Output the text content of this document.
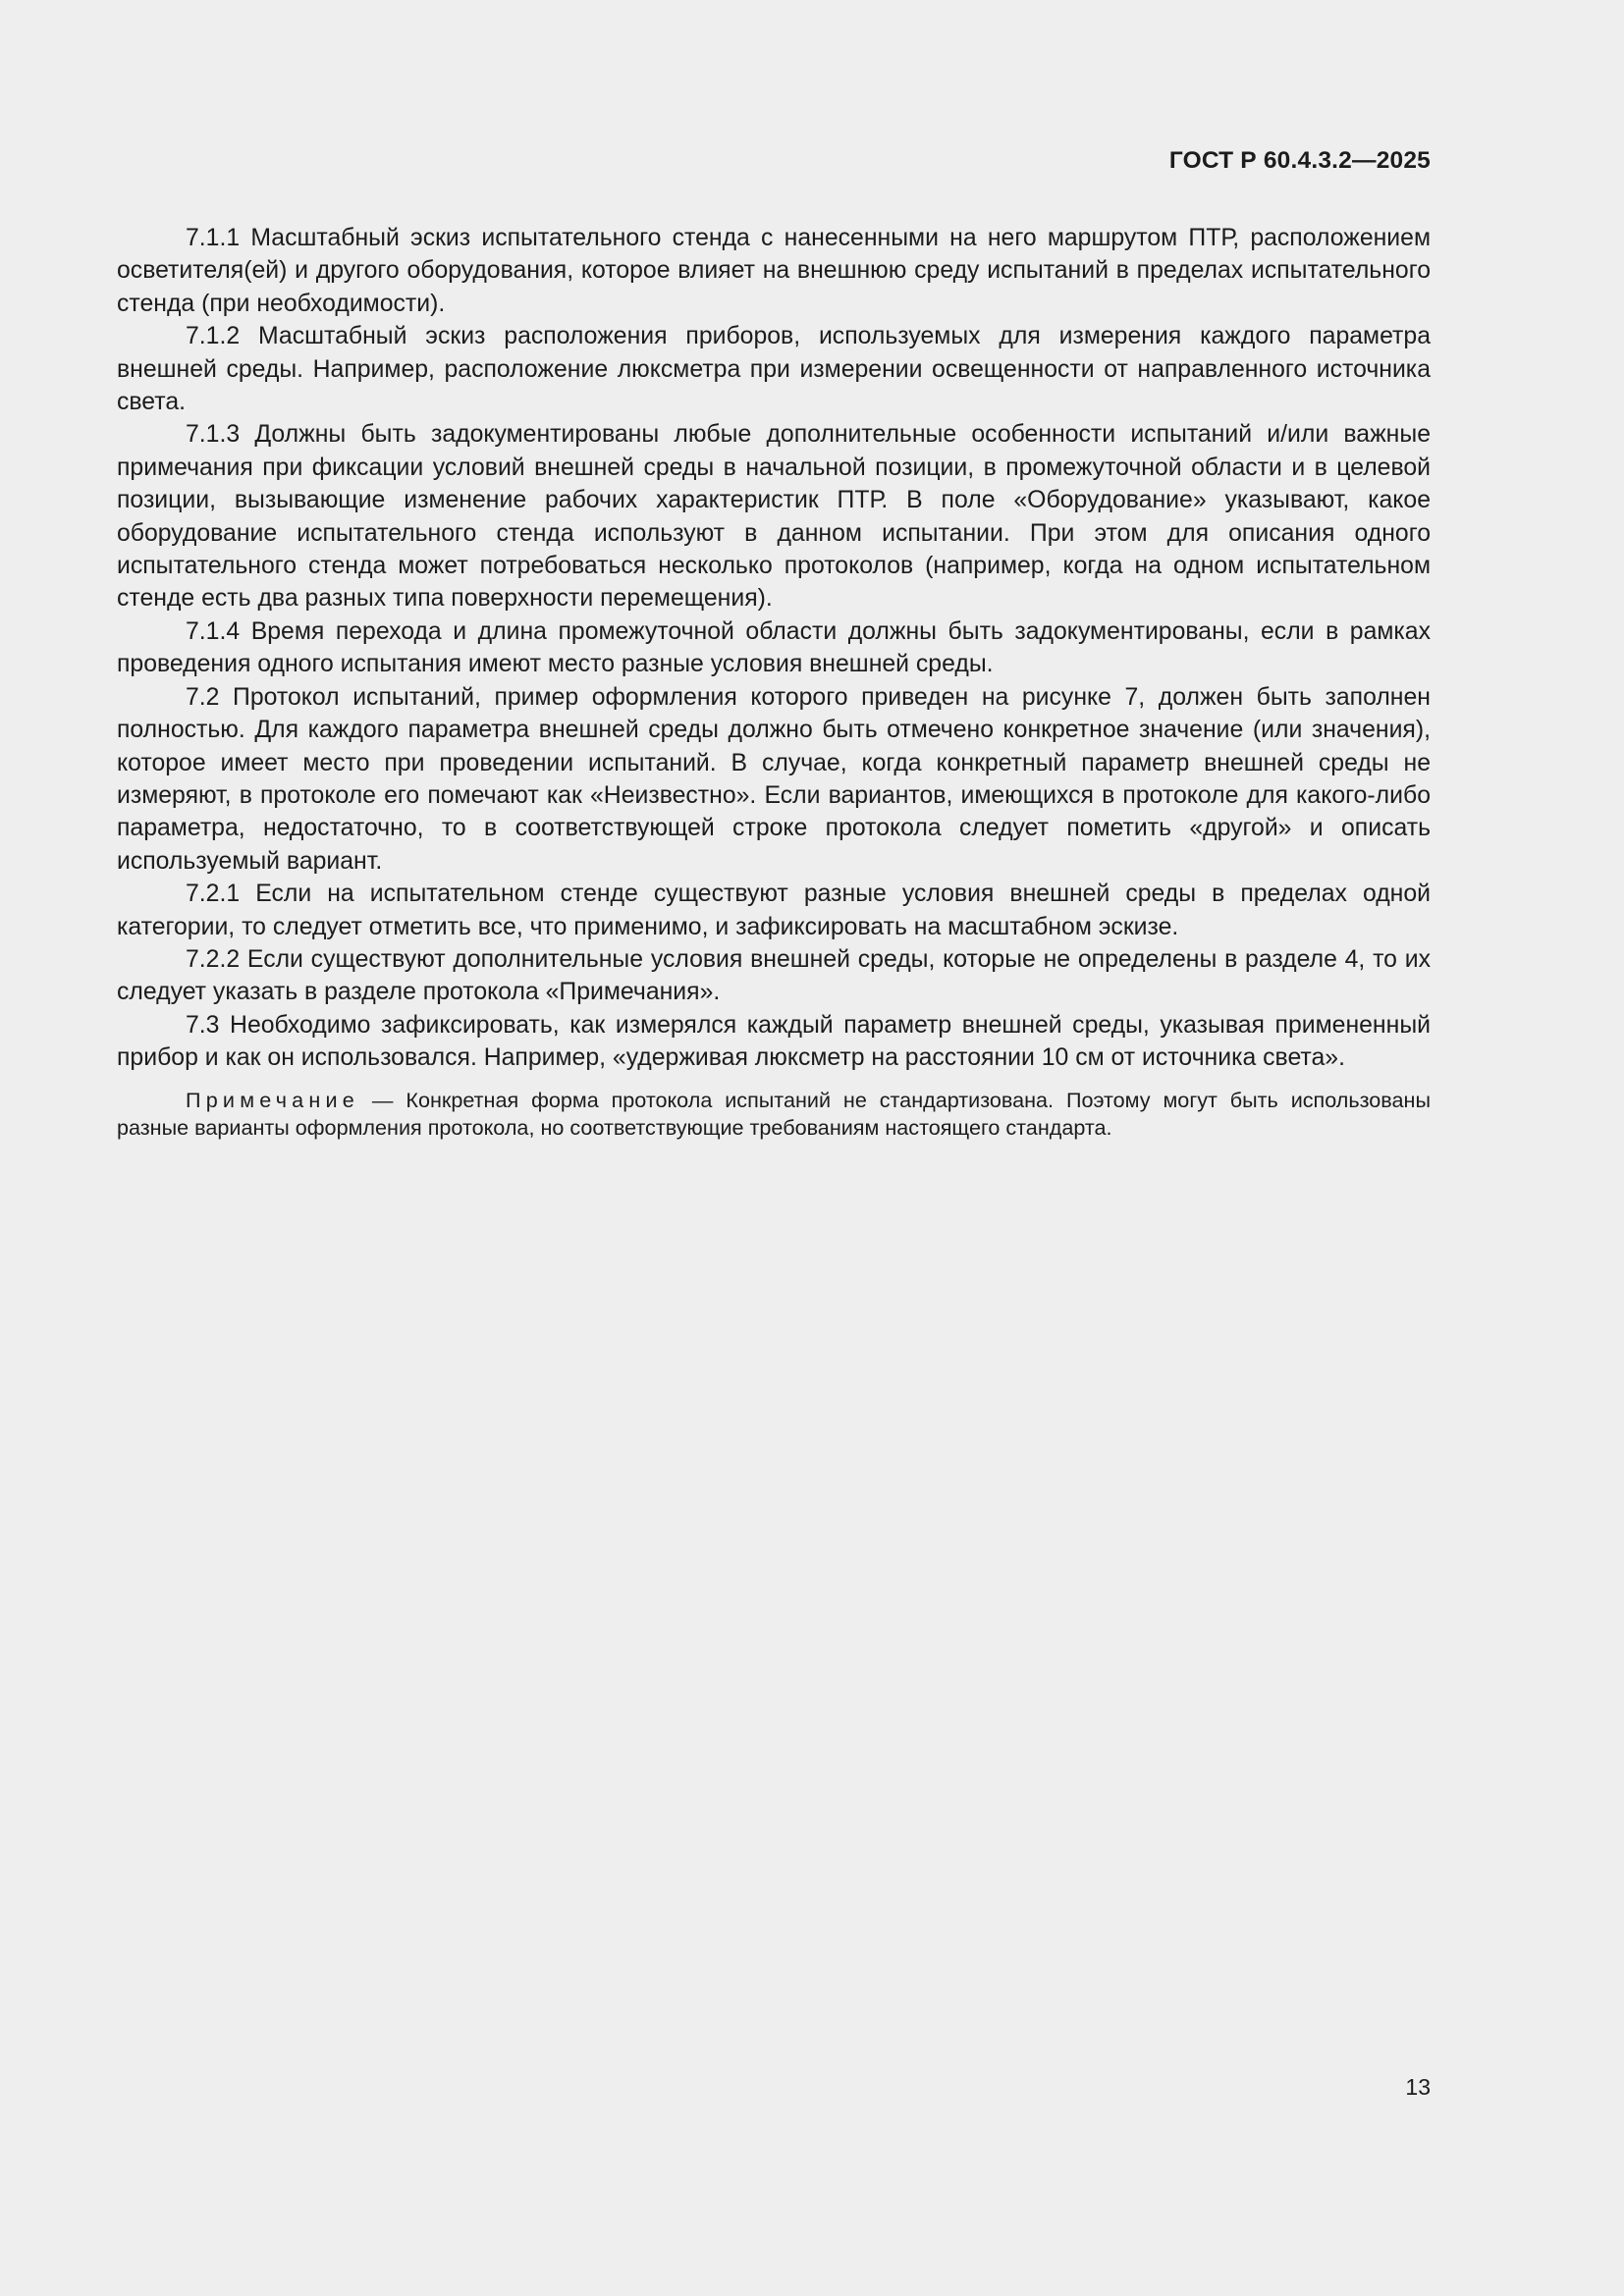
ГОСТ Р 60.4.3.2—2025

7.1.1 Масштабный эскиз испытательного стенда с нанесенными на него маршрутом ПТР, расположением осветителя(ей) и другого оборудования, которое влияет на внешнюю среду испытаний в пределах испытательного стенда (при необходимости).

7.1.2 Масштабный эскиз расположения приборов, используемых для измерения каждого параметра внешней среды. Например, расположение люксметра при измерении освещенности от направленного источника света.

7.1.3 Должны быть задокументированы любые дополнительные особенности испытаний и/или важные примечания при фиксации условий внешней среды в начальной позиции, в промежуточной области и в целевой позиции, вызывающие изменение рабочих характеристик ПТР. В поле «Оборудование» указывают, какое оборудование испытательного стенда используют в данном испытании. При этом для описания одного испытательного стенда может потребоваться несколько протоколов (например, когда на одном испытательном стенде есть два разных типа поверхности перемещения).

7.1.4 Время перехода и длина промежуточной области должны быть задокументированы, если в рамках проведения одного испытания имеют место разные условия внешней среды.

7.2 Протокол испытаний, пример оформления которого приведен на рисунке 7, должен быть заполнен полностью. Для каждого параметра внешней среды должно быть отмечено конкретное значение (или значения), которое имеет место при проведении испытаний. В случае, когда конкретный параметр внешней среды не измеряют, в протоколе его помечают как «Неизвестно». Если вариантов, имеющихся в протоколе для какого-либо параметра, недостаточно, то в соответствующей строке протокола следует пометить «другой» и описать используемый вариант.

7.2.1 Если на испытательном стенде существуют разные условия внешней среды в пределах одной категории, то следует отметить все, что применимо, и зафиксировать на масштабном эскизе.

7.2.2 Если существуют дополнительные условия внешней среды, которые не определены в разделе 4, то их следует указать в разделе протокола «Примечания».

7.3 Необходимо зафиксировать, как измерялся каждый параметр внешней среды, указывая примененный прибор и как он использовался. Например, «удерживая люксметр на расстоянии 10 см от источника света».

Примечание — Конкретная форма протокола испытаний не стандартизована. Поэтому могут быть использованы разные варианты оформления протокола, но соответствующие требованиям настоящего стандарта.

13
